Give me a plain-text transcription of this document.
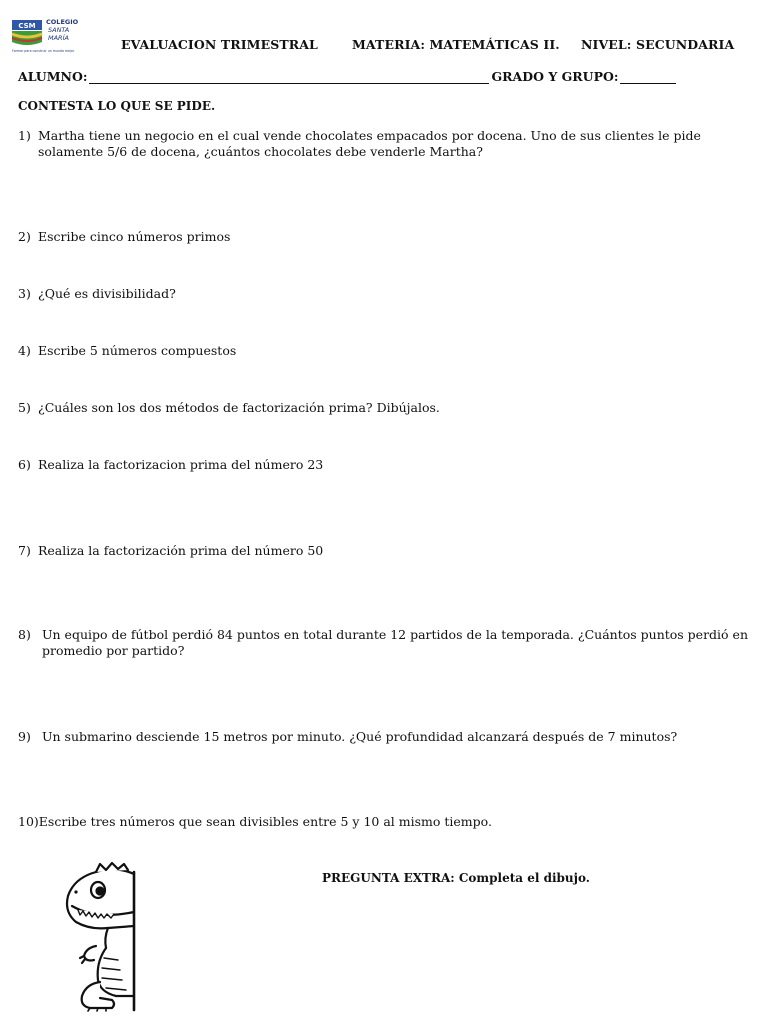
CSM COLEGIO
SANTA
MARÍA
Formar para construir un mundo mejor	EVALUACION TRIMESTRAL	MATERIA: MATEMÁTICAS II. NIVEL: SECUNDARIA
ALUMNO:	GRADO Y GRUPO:
CONTESTA LO QUE SE PIDE.
1) Martha tiene un negocio en el cual vende chocolates empacados por docena. Uno de sus clientes le pide solamente 5/6 de docena, ¿cuántos chocolates debe venderle Martha?
2) Escribe cinco números primos
3) ¿Qué es divisibilidad?
4) Escribe 5 números compuestos
5) ¿Cuáles son los dos métodos de factorización prima? Dibújalos.
6) Realiza la factorizacion prima del número 23
7) Realiza la factorización prima del número 50
8) Un equipo de fútbol perdió 84 puntos en total durante 12 partidos de la temporada. ¿Cuántos puntos perdió en promedio por partido?
9) Un submarino desciende 15 metros por minuto. ¿Qué profundidad alcanzará después de 7 minutos?
10) Escribe tres números que sean divisibles entre 5 y 10 al mismo tiempo.
PREGUNTA EXTRA: Completa el dibujo.
